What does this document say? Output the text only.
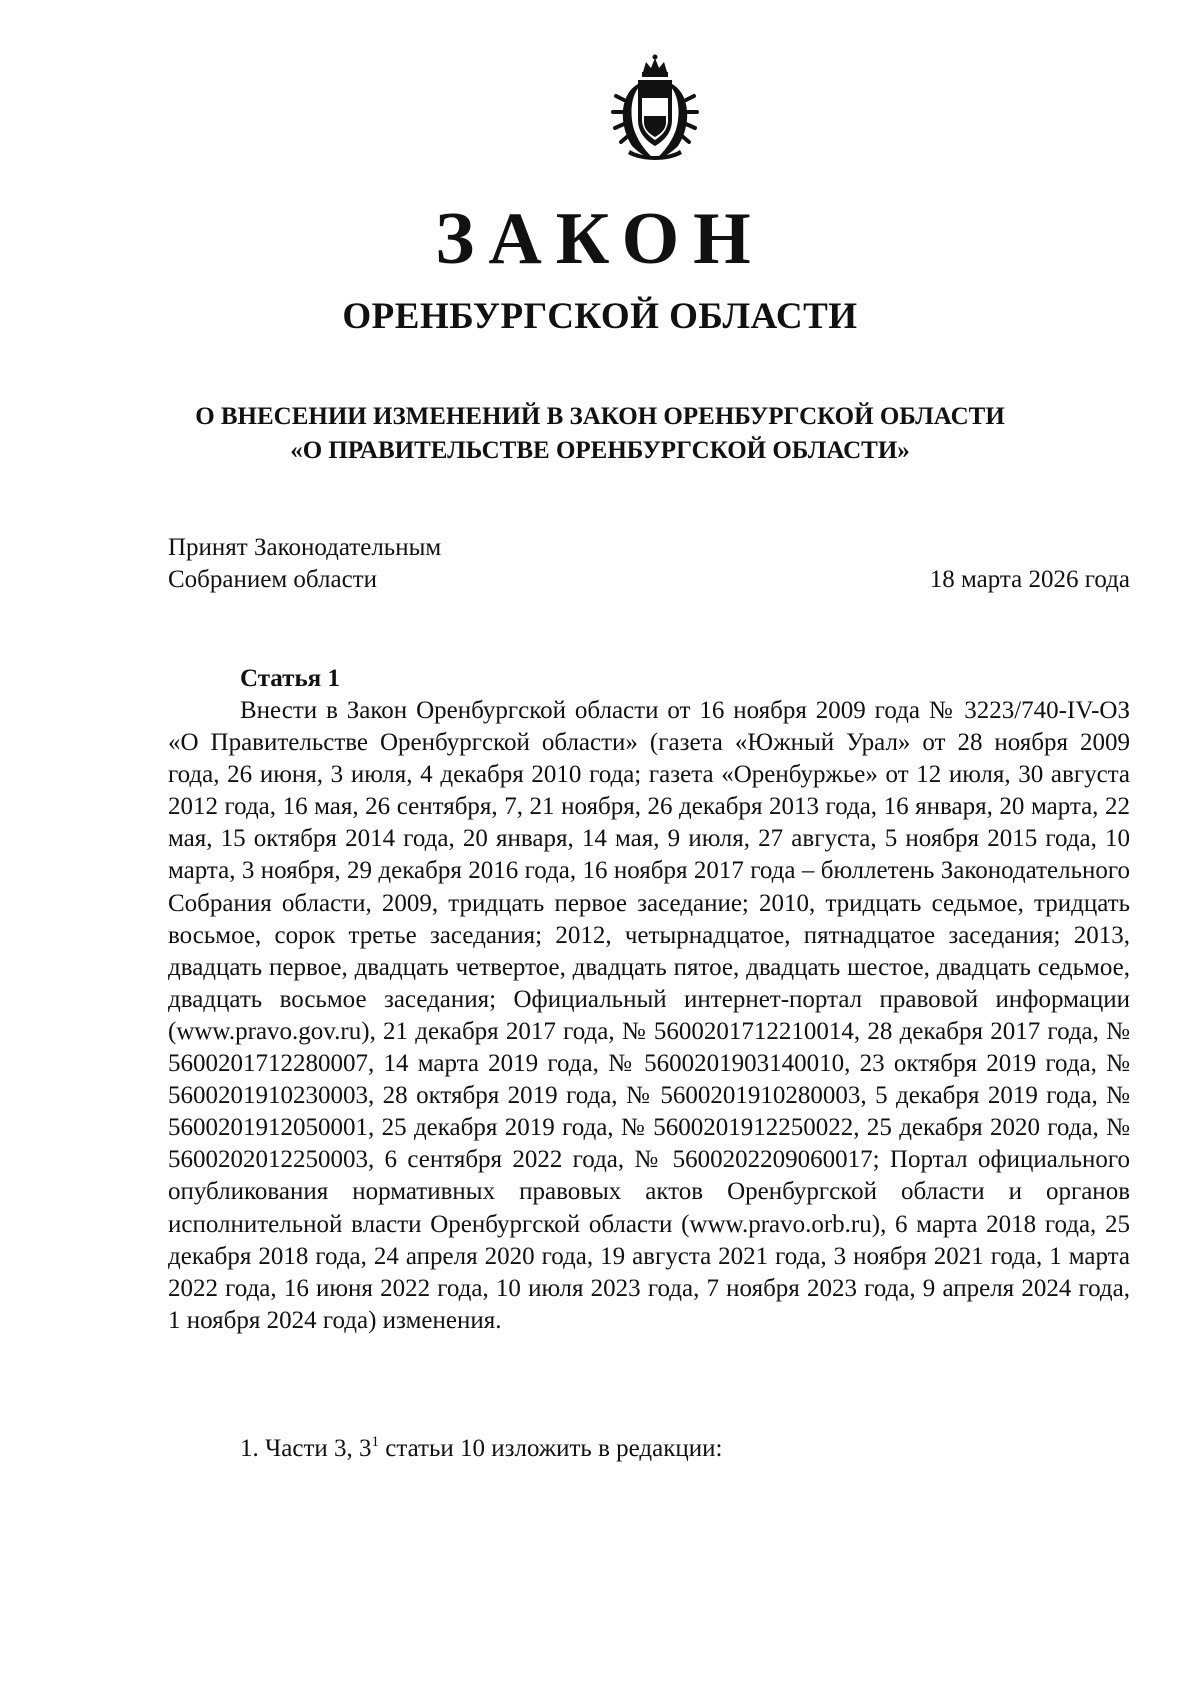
ЗАКОН
ОРЕНБУРГСКОЙ ОБЛАСТИ
О ВНЕСЕНИИ ИЗМЕНЕНИЙ В ЗАКОН ОРЕНБУРГСКОЙ ОБЛАСТИ
«О ПРАВИТЕЛЬСТВЕ ОРЕНБУРГСКОЙ ОБЛАСТИ»
Принят Законодательным
Собранием области	18 марта 2026 года
Статья 1

Внести в Закон Оренбургской области от 16 ноября 2009 года № 3223/740-IV-ОЗ «О Правительстве Оренбургской области» (газета «Южный Урал» от 28 ноября 2009 года, 26 июня, 3 июля, 4 декабря 2010 года; газета «Оренбуржье» от 12 июля, 30 августа 2012 года, 16 мая, 26 сентября, 7, 21 ноября, 26 декабря 2013 года, 16 января, 20 марта, 22 мая, 15 октября 2014 года, 20 января, 14 мая, 9 июля, 27 августа, 5 ноября 2015 года, 10 марта, 3 ноября, 29 декабря 2016 года, 16 ноября 2017 года – бюллетень Законодательного Собрания области, 2009, тридцать первое заседание; 2010, тридцать седьмое, тридцать восьмое, сорок третье заседания; 2012, четырнадцатое, пятнадцатое заседания; 2013, двадцать первое, двадцать четвертое, двадцать пятое, двадцать шестое, двадцать седьмое, двадцать восьмое заседания; Официальный интернет-портал правовой информации (www.pravo.gov.ru), 21 декабря 2017 года, № 5600201712210014, 28 декабря 2017 года, № 5600201712280007, 14 марта 2019 года, № 5600201903140010, 23 октября 2019 года, № 5600201910230003, 28 октября 2019 года, № 5600201910280003, 5 декабря 2019 года, № 5600201912050001, 25 декабря 2019 года, № 5600201912250022, 25 декабря 2020 года, № 5600202012250003, 6 сентября 2022 года, № 5600202209060017; Портал официального опубликования нормативных правовых актов Оренбургской области и органов исполнительной власти Оренбургской области (www.pravo.orb.ru), 6 марта 2018 года, 25 декабря 2018 года, 24 апреля 2020 года, 19 августа 2021 года, 3 ноября 2021 года, 1 марта 2022 года, 16 июня 2022 года, 10 июля 2023 года, 7 ноября 2023 года, 9 апреля 2024 года, 1 ноября 2024 года) изменения.

1. Части 3, $3^1$ статьи 10 изложить в редакции:
